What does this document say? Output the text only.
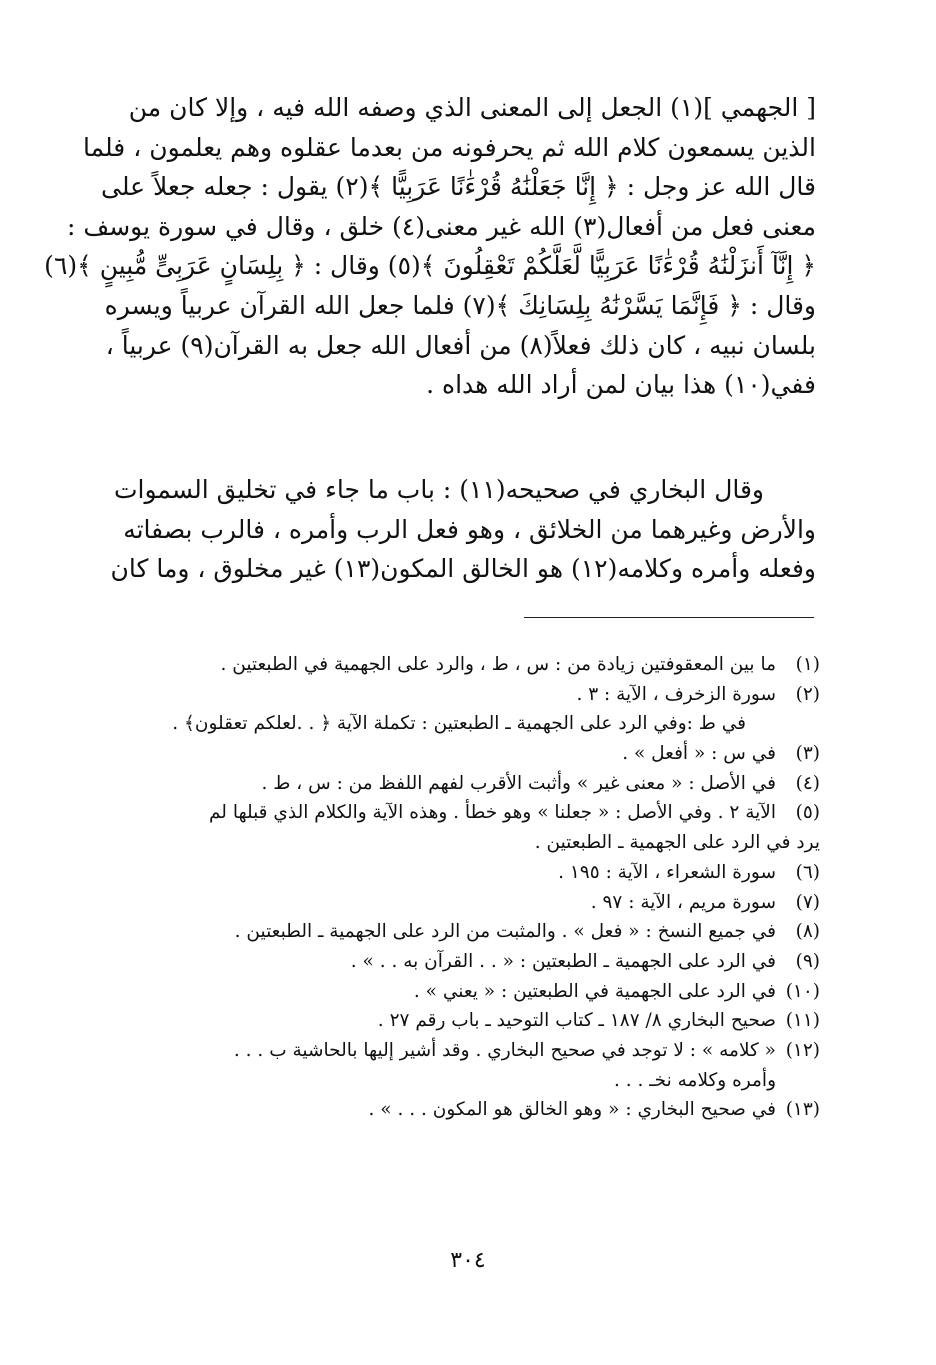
[ الجهمي ](١) الجعل إلى المعنى الذي وصفه الله فيه ، وإلا كان من
الذين يسمعون كلام الله ثم يحرفونه من بعدما عقلوه وهم يعلمون ، فلما
قال الله عز وجل : ﴿ إِنَّا جَعَلْنَٰهُ قُرْءَٰنًا عَرَبِيًّا ﴾(٢) يقول : جعله جعلاً على
معنى فعل من أفعال(٣) الله غير معنى(٤) خلق ، وقال في سورة يوسف :
﴿ إِنَّآ أَنزَلْنَٰهُ قُرْءَٰنًا عَرَبِيًّا لَّعَلَّكُمْ تَعْقِلُونَ ﴾(٥) وقال : ﴿ بِلِسَانٍ عَرَبِىٍّ مُّبِينٍ ﴾(٦)
وقال : ﴿ فَإِنَّمَا يَسَّرْنَٰهُ بِلِسَانِكَ ﴾(٧) فلما جعل الله القرآن عربياً ويسره
بلسان نبيه ، كان ذلك فعلاً(٨) من أفعال الله جعل به القرآن(٩) عربياً ،
ففي(١٠) هذا بيان لمن أراد الله هداه .
وقال البخاري في صحيحه(١١) : باب ما جاء في تخليق السموات
والأرض وغيرهما من الخلائق ، وهو فعل الرب وأمره ، فالرب بصفاته
وفعله وأمره وكلامه(١٢) هو الخالق المكون(١٣) غير مخلوق ، وما كان
(١)
ما بين المعقوفتين زيادة من : س ، ط ، والرد على الجهمية في الطبعتين .
(٢)
سورة الزخرف ، الآية : ٣ .
في ط :وفي الرد على الجهمية ـ الطبعتين : تكملة الآية ﴿ . .لعلكم تعقلون﴾ .
(٣)
في س : « أفعل » .
(٤)
في الأصل : « معنى غير » وأثبت الأقرب لفهم اللفظ من : س ، ط .
(٥)
الآية ٢ . وفي الأصل : « جعلنا » وهو خطأ . وهذه الآية والكلام الذي قبلها لم
يرد في الرد على الجهمية ـ الطبعتين .
(٦)
سورة الشعراء ، الآية : ١٩٥ .
(٧)
سورة مريم ، الآية : ٩٧ .
(٨)
في جميع النسخ : « فعل » . والمثبت من الرد على الجهمية ـ الطبعتين .
(٩)
في الرد على الجهمية ـ الطبعتين : « . . القرآن به . . » .
(١٠)
في الرد على الجهمية في الطبعتين : « يعني » .
(١١)
صحيح البخاري ٨/ ١٨٧ ـ كتاب التوحيد ـ باب رقم ٢٧ .
(١٢)
« كلامه » : لا توجد في صحيح البخاري . وقد أشير إليها بالحاشية ب . . .
وأمره وكلامه نخـ . . .
(١٣)
في صحيح البخاري : « وهو الخالق هو المكون . . . » .
٣٠٤
